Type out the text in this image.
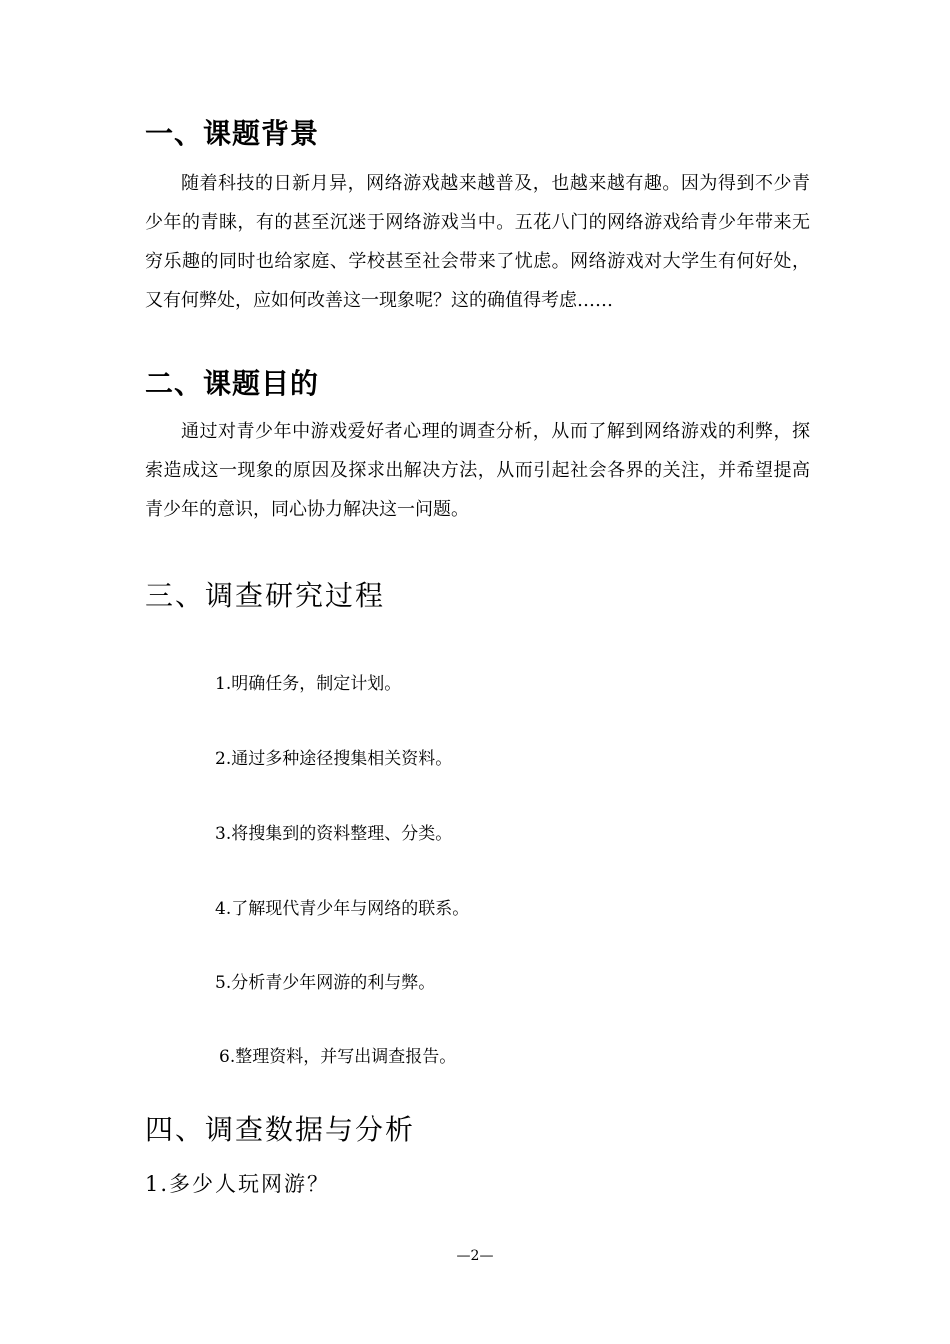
一、课题背景

随着科技的日新月异，网络游戏越来越普及，也越来越有趣。因为得到不少青少年的青睐，有的甚至沉迷于网络游戏当中。五花八门的网络游戏给青少年带来无穷乐趣的同时也给家庭、学校甚至社会带来了忧虑。网络游戏对大学生有何好处，又有何弊处，应如何改善这一现象呢？这的确值得考虑……

二、课题目的

通过对青少年中游戏爱好者心理的调查分析，从而了解到网络游戏的利弊，探索造成这一现象的原因及探求出解决方法，从而引起社会各界的关注，并希望提高青少年的意识，同心协力解决这一问题。

三、调查研究过程

1.明确任务，制定计划。

2.通过多种途径搜集相关资料。

3.将搜集到的资料整理、分类。

4.了解现代青少年与网络的联系。

5.分析青少年网游的利与弊。

6.整理资料，并写出调查报告。

四、调查数据与分析

1.多少人玩网游？

—2—
